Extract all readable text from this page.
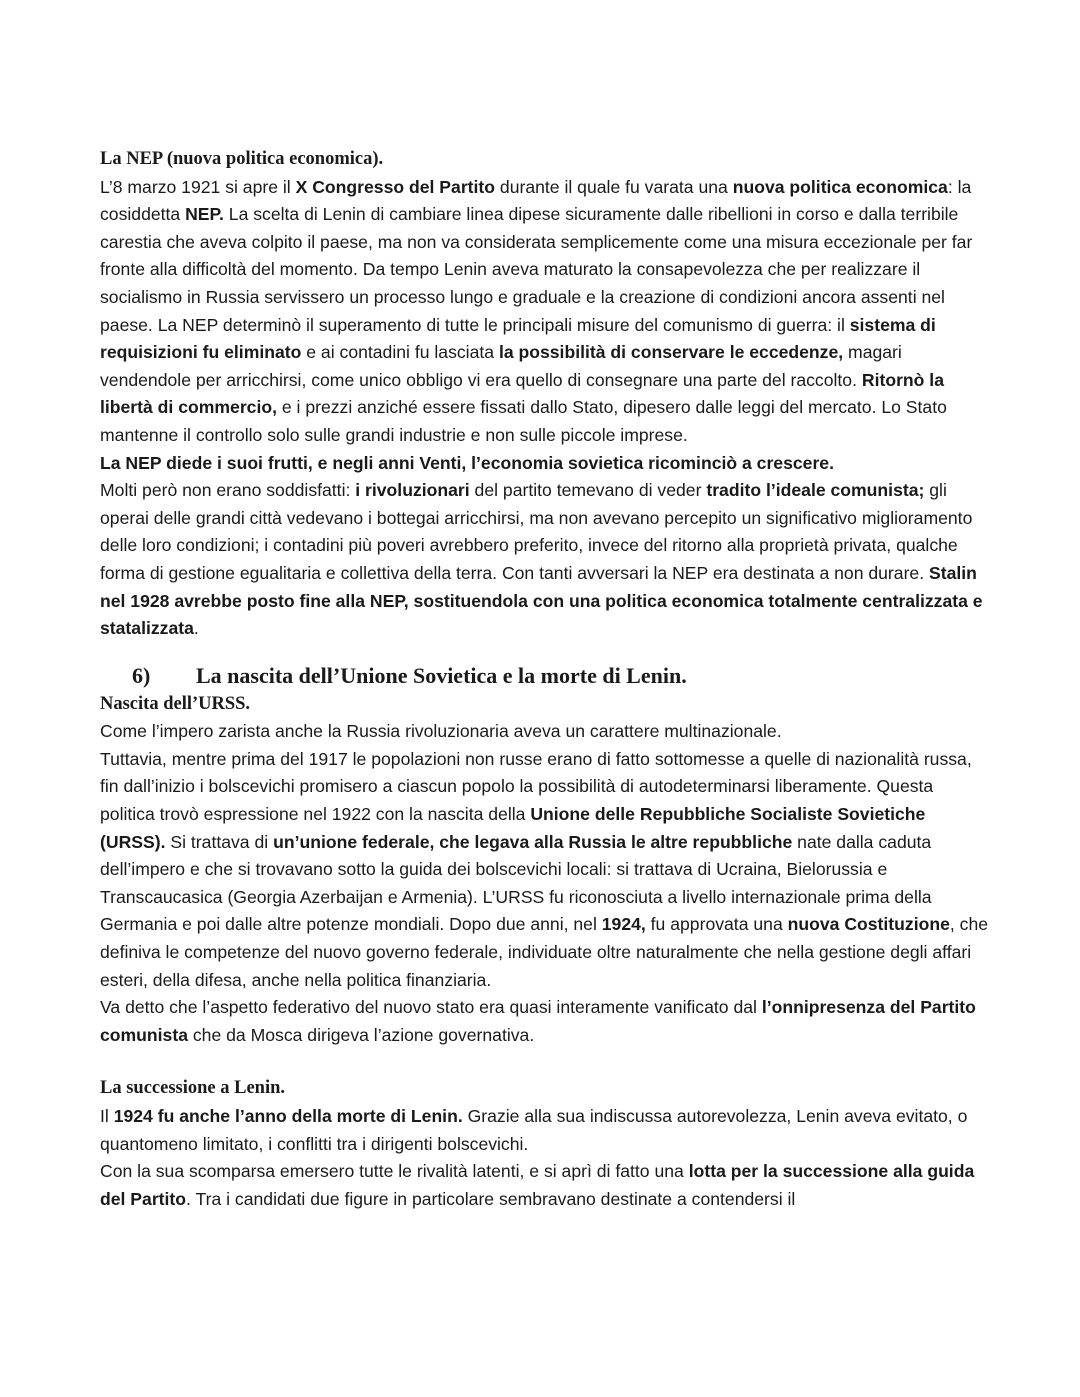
La NEP (nuova politica economica).

L’8 marzo 1921 si apre il X Congresso del Partito durante il quale fu varata una nuova politica economica: la cosiddetta NEP. La scelta di Lenin di cambiare linea dipese sicuramente dalle ribellioni in corso e dalla terribile carestia che aveva colpito il paese, ma non va considerata semplicemente come una misura eccezionale per far fronte alla difficoltà del momento. Da tempo Lenin aveva maturato la consapevolezza che per realizzare il socialismo in Russia servissero un processo lungo e graduale e la creazione di condizioni ancora assenti nel paese. La NEP determinò il superamento di tutte le principali misure del comunismo di guerra: il sistema di requisizioni fu eliminato e ai contadini fu lasciata la possibilità di conservare le eccedenze, magari vendendole per arricchirsi, come unico obbligo vi era quello di consegnare una parte del raccolto. Ritornò la libertà di commercio, e i prezzi anziché essere fissati dallo Stato, dipesero dalle leggi del mercato. Lo Stato mantenne il controllo solo sulle grandi industrie e non sulle piccole imprese.

La NEP diede i suoi frutti, e negli anni Venti, l’economia sovietica ricominciò a crescere.

Molti però non erano soddisfatti: i rivoluzionari del partito temevano di veder tradito l’ideale comunista; gli operai delle grandi città vedevano i bottegai arricchirsi, ma non avevano percepito un significativo miglioramento delle loro condizioni; i contadini più poveri avrebbero preferito, invece del ritorno alla proprietà privata, qualche forma di gestione egualitaria e collettiva della terra. Con tanti avversari la NEP era destinata a non durare. Stalin nel 1928 avrebbe posto fine alla NEP, sostituendola con una politica economica totalmente centralizzata e statalizzata.

6) La nascita dell’Unione Sovietica e la morte di Lenin.

Nascita dell’URSS.

Come l’impero zarista anche la Russia rivoluzionaria aveva un carattere multinazionale.

Tuttavia, mentre prima del 1917 le popolazioni non russe erano di fatto sottomesse a quelle di nazionalità russa, fin dall’inizio i bolscevichi promisero a ciascun popolo la possibilità di autodeterminarsi liberamente. Questa politica trovò espressione nel 1922 con la nascita della Unione delle Repubbliche Socialiste Sovietiche (URSS). Si trattava di un’unione federale, che legava alla Russia le altre repubbliche nate dalla caduta dell’impero e che si trovavano sotto la guida dei bolscevichi locali: si trattava di Ucraina, Bielorussia e Transcaucasica (Georgia Azerbaijan e Armenia). L’URSS fu riconosciuta a livello internazionale prima della Germania e poi dalle altre potenze mondiali. Dopo due anni, nel 1924, fu approvata una nuova Costituzione, che definiva le competenze del nuovo governo federale, individuate oltre naturalmente che nella gestione degli affari esteri, della difesa, anche nella politica finanziaria.

Va detto che l’aspetto federativo del nuovo stato era quasi interamente vanificato dal l’onnipresenza del Partito comunista che da Mosca dirigeva l’azione governativa.

La successione a Lenin.

Il 1924 fu anche l’anno della morte di Lenin. Grazie alla sua indiscussa autorevolezza, Lenin aveva evitato, o quantomeno limitato, i conflitti tra i dirigenti bolscevichi.

Con la sua scomparsa emersero tutte le rivalità latenti, e si aprì di fatto una lotta per la successione alla guida del Partito. Tra i candidati due figure in particolare sembravano destinate a contendersi il
